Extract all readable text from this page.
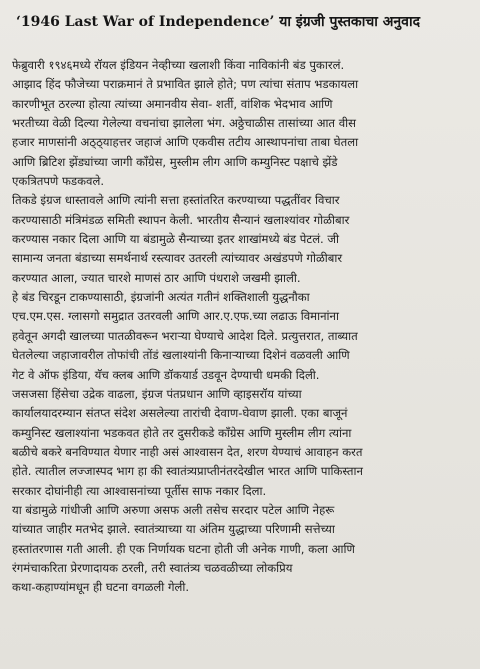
‘1946 Last War of Independence’ या इंग्रजी पुस्तकाचा अनुवाद

फेब्रुवारी १९४६मध्ये रॉयल इंडियन नेव्हीच्या खलाशी किंवा नाविकांनी बंड पुकारलं.
आझाद हिंद फौजेच्या पराक्रमानं ते प्रभावित झाले होते; पण त्यांचा संताप भडकायला
कारणीभूत ठरल्या होत्या त्यांच्या अमानवीय सेवा- शर्ती, वांशिक भेदभाव आणि
भरतीच्या वेळी दिल्या गेलेल्या वचनांचा झालेला भंग. अठ्ठेचाळीस तासांच्या आत वीस
हजार माणसांनी अठ्ठ्याहत्तर जहाजं आणि एकवीस तटीय आस्थापनांचा ताबा घेतला
आणि ब्रिटिश झेंड्यांच्या जागी काँग्रेस, मुस्लीम लीग आणि कम्युनिस्ट पक्षाचे झेंडे
एकत्रितपणे फडकवले.

तिकडे इंग्रज धास्तावले आणि त्यांनी सत्ता हस्तांतरित करण्याच्या पद्धतींवर विचार
करण्यासाठी मंत्रिमंडळ समिती स्थापन केली. भारतीय सैन्यानं खलाश्यांवर गोळीबार
करण्यास नकार दिला आणि या बंडामुळे सैन्याच्या इतर शाखांमध्ये बंड पेटलं. जी
सामान्य जनता बंडाच्या समर्थनार्थ रस्त्यावर उतरली त्यांच्यावर अखंडपणे गोळीबार
करण्यात आला, ज्यात चारशे माणसं ठार आणि पंधराशे जखमी झाली.

हे बंड चिरडून टाकण्यासाठी, इंग्रजांनी अत्यंत गतीनं शक्तिशाली युद्धनौका
एच.एम.एस. ग्लासगो समुद्रात उतरवली आणि आर.ए.एफ.च्या लढाऊ विमानांना
हवेतून अगदी खालच्या पातळीवरून भराऱ्या घेण्याचे आदेश दिले. प्रत्युत्तरात, ताब्यात
घेतलेल्या जहाजावरील तोफांची तोंडं खलाश्यांनी किनाऱ्याच्या दिशेनं वळवली आणि
गेट वे ऑफ इंडिया, यॅच क्लब आणि डॉकयार्ड उडवून देण्याची धमकी दिली.

जसजसा हिंसेचा उद्रेक वाढला, इंग्रज पंतप्रधान आणि व्हाइसरॉय यांच्या
कार्यालयादरम्यान संतप्त संदेश असलेल्या तारांची देवाण-घेवाण झाली. एका बाजूनं
कम्युनिस्ट खलाश्यांना भडकवत होते तर दुसरीकडे काँग्रेस आणि मुस्लीम लीग त्यांना
बळीचे बकरे बनविण्यात येणार नाही असं आश्वासन देत, शरण येण्याचं आवाहन करत
होते. त्यातील लज्जास्पद भाग हा की स्वातंत्र्यप्राप्तीनंतरदेखील भारत आणि पाकिस्तान
सरकार दोघांनीही त्या आश्वासनांच्या पूर्तीस साफ नकार दिला.

या बंडामुळे गांधीजी आणि अरुणा असफ अली तसेच सरदार पटेल आणि नेहरू
यांच्यात जाहीर मतभेद झाले. स्वातंत्र्याच्या या अंतिम युद्धाच्या परिणामी सत्तेच्या
हस्तांतरणास गती आली. ही एक निर्णायक घटना होती जी अनेक गाणी, कला आणि
रंगमंचाकरिता प्रेरणादायक ठरली, तरी स्वातंत्र्य चळवळीच्या लोकप्रिय
कथा-कहाण्यांमधून ही घटना वगळली गेली.
